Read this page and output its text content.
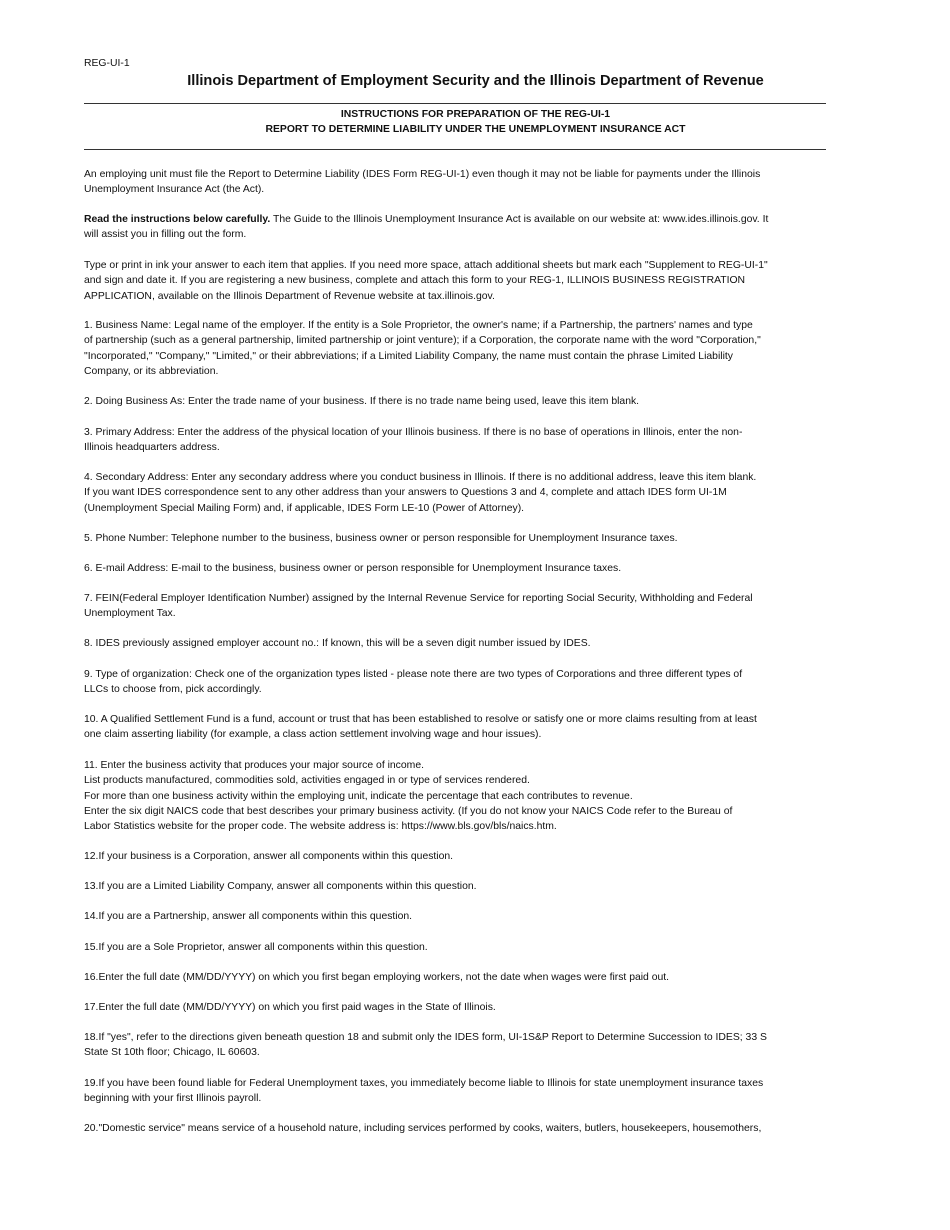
REG-UI-1
Illinois Department of Employment Security and the Illinois Department of Revenue
INSTRUCTIONS FOR PREPARATION OF THE REG-UI-1
REPORT TO DETERMINE LIABILITY UNDER THE UNEMPLOYMENT INSURANCE ACT
An employing unit must file the Report to Determine Liability (IDES Form REG-UI-1) even though it may not be liable for payments under the Illinois
Unemployment Insurance Act (the Act).
Read the instructions below carefully. The Guide to the Illinois Unemployment Insurance Act is available on our website at: www.ides.illinois.gov. It
will assist you in filling out the form.
Type or print in ink your answer to each item that applies. If you need more space, attach additional sheets but mark each "Supplement to REG-UI-1"
and sign and date it. If you are registering a new business, complete and attach this form to your REG-1, ILLINOIS BUSINESS REGISTRATION
APPLICATION, available on the Illinois Department of Revenue website at tax.illinois.gov.
1. Business Name: Legal name of the employer. If the entity is a Sole Proprietor, the owner's name; if a Partnership, the partners' names and type
of partnership (such as a general partnership, limited partnership or joint venture); if a Corporation, the corporate name with the word "Corporation,"
"Incorporated," "Company," "Limited," or their abbreviations; if a Limited Liability Company, the name must contain the phrase Limited Liability
Company, or its abbreviation.
2. Doing Business As: Enter the trade name of your business. If there is no trade name being used, leave this item blank.
3. Primary Address: Enter the address of the physical location of your Illinois business. If there is no base of operations in Illinois, enter the non-
Illinois headquarters address.
4. Secondary Address: Enter any secondary address where you conduct business in Illinois. If there is no additional address, leave this item blank.
If you want IDES correspondence sent to any other address than your answers to Questions 3 and 4, complete and attach IDES form UI-1M
(Unemployment Special Mailing Form) and, if applicable, IDES Form LE-10 (Power of Attorney).
5. Phone Number: Telephone number to the business, business owner or person responsible for Unemployment Insurance taxes.
6. E-mail Address: E-mail to the business, business owner or person responsible for Unemployment Insurance taxes.
7. FEIN(Federal Employer Identification Number) assigned by the Internal Revenue Service for reporting Social Security, Withholding and Federal
Unemployment Tax.
8. IDES previously assigned employer account no.: If known, this will be a seven digit number issued by IDES.
9. Type of organization: Check one of the organization types listed - please note there are two types of Corporations and three different types of
LLCs to choose from, pick accordingly.
10. A Qualified Settlement Fund is a fund, account or trust that has been established to resolve or satisfy one or more claims resulting from at least
one claim asserting liability (for example, a class action settlement involving wage and hour issues).
11. Enter the business activity that produces your major source of income.
List products manufactured, commodities sold, activities engaged in or type of services rendered.
For more than one business activity within the employing unit, indicate the percentage that each contributes to revenue.
Enter the six digit NAICS code that best describes your primary business activity. (If you do not know your NAICS Code refer to the Bureau of
Labor Statistics website for the proper code. The website address is: https://www.bls.gov/bls/naics.htm.
12.If your business is a Corporation, answer all components within this question.
13.If you are a Limited Liability Company, answer all components within this question.
14.If you are a Partnership, answer all components within this question.
15.If you are a Sole Proprietor, answer all components within this question.
16.Enter the full date (MM/DD/YYYY) on which you first began employing workers, not the date when wages were first paid out.
17.Enter the full date (MM/DD/YYYY) on which you first paid wages in the State of Illinois.
18.If "yes", refer to the directions given beneath question 18 and submit only the IDES form, UI-1S&P Report to Determine Succession to IDES; 33 S
State St 10th floor; Chicago, IL 60603.
19.If you have been found liable for Federal Unemployment taxes, you immediately become liable to Illinois for state unemployment insurance taxes
beginning with your first Illinois payroll.
20."Domestic service" means service of a household nature, including services performed by cooks, waiters, butlers, housekeepers, housemothers,
